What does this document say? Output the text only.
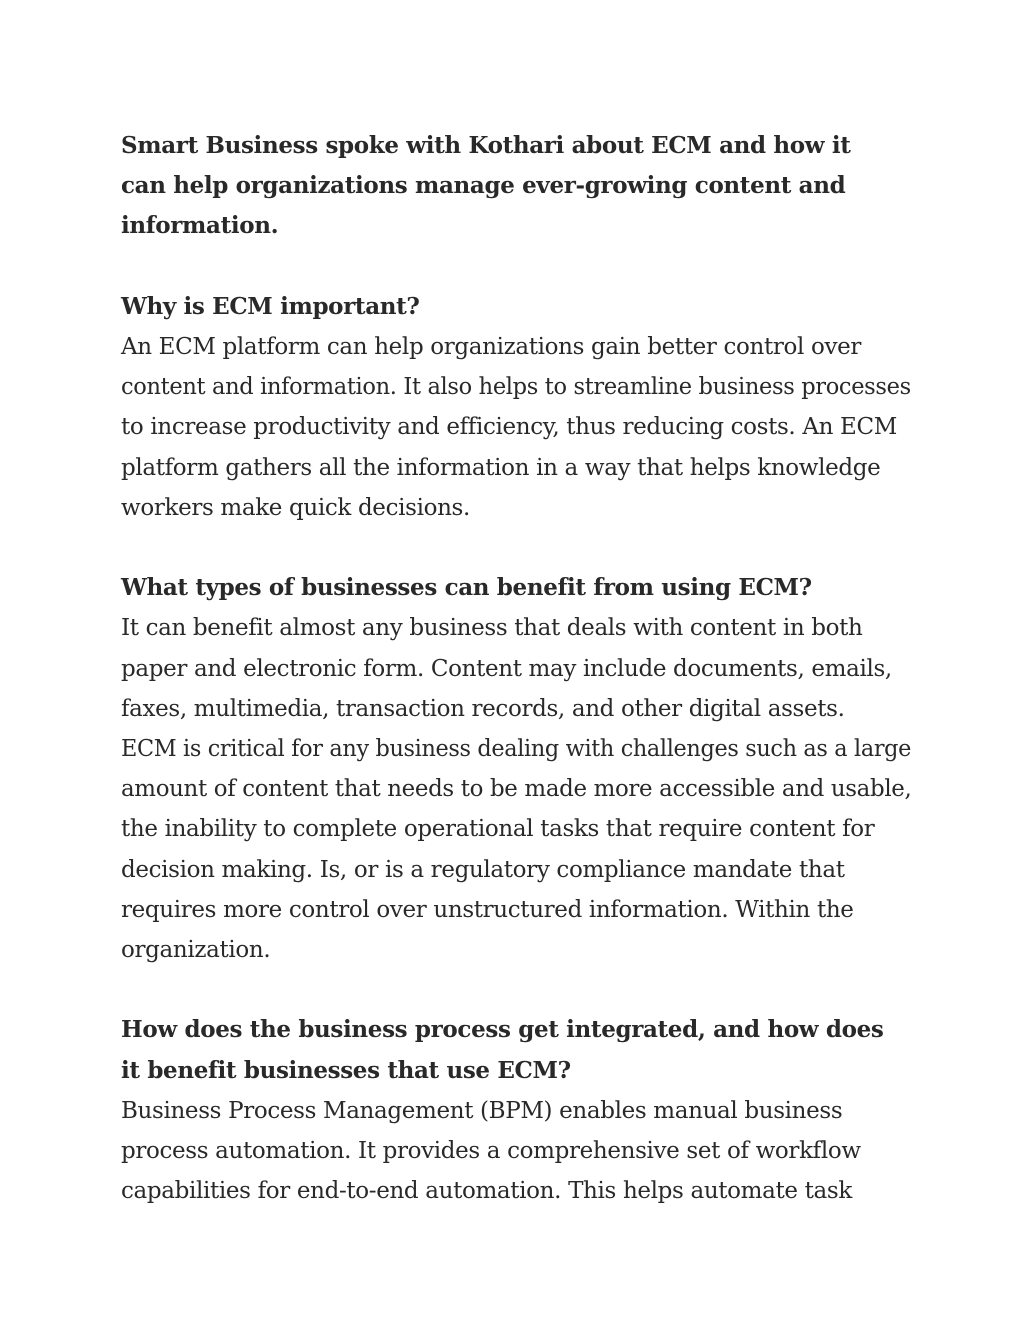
Smart Business spoke with Kothari about ECM and how it
can help organizations manage ever-growing content and
information.
Why is ECM important?
An ECM platform can help organizations gain better control over
content and information. It also helps to streamline business processes
to increase productivity and efficiency, thus reducing costs. An ECM
platform gathers all the information in a way that helps knowledge
workers make quick decisions.
What types of businesses can benefit from using ECM?
It can benefit almost any business that deals with content in both
paper and electronic form. Content may include documents, emails,
faxes, multimedia, transaction records, and other digital assets.
ECM is critical for any business dealing with challenges such as a large
amount of content that needs to be made more accessible and usable,
the inability to complete operational tasks that require content for
decision making. Is, or is a regulatory compliance mandate that
requires more control over unstructured information. Within the
organization.
How does the business process get integrated, and how does
it benefit businesses that use ECM?
Business Process Management (BPM) enables manual business
process automation. It provides a comprehensive set of workflow
capabilities for end-to-end automation. This helps automate task
